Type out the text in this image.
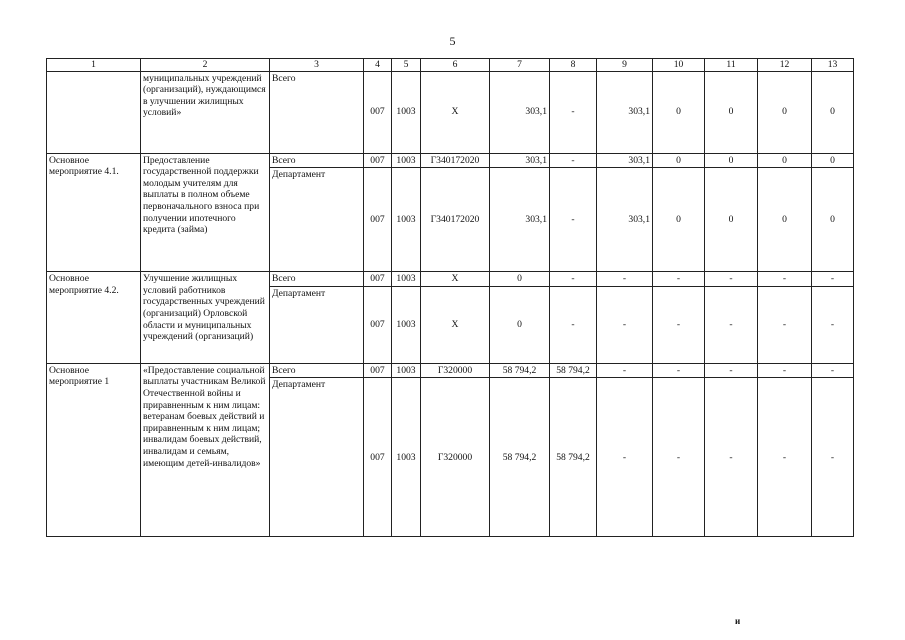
5
1	2	3	4	5	6	7	8	9	10	11	12	13
	муниципальных учреждений (организаций), нуждающимся в улучшении жилищных условий»	Всего	007	1003	Х	303,1	-	303,1	0	0	0	0
Основное мероприятие 4.1.	Предоставление государственной поддержки молодым учителям для выплаты в полном объеме первоначального взноса при получении ипотечного кредита (займа)	Всего	007	1003	Г340172020	303,1	-	303,1	0	0	0	0
		Департамент	007	1003	Г340172020	303,1	-	303,1	0	0	0	0
Основное мероприятие 4.2.	Улучшение жилищных условий работников государственных учреждений (организаций) Орловской области и муниципальных учреждений (организаций)	Всего	007	1003	Х	0	-	-	-	-	-	-
		Департамент	007	1003	Х	0	-	-	-	-	-	-
Основное мероприятие 1	«Предоставление социальной выплаты участникам Великой Отечественной войны и приравненным к ним лицам: ветеранам боевых действий и приравненным к ним лицам; инвалидам боевых действий, инвалидам и семьям, имеющим детей-инвалидов»	Всего	007	1003	Г320000	58 794,2	58 794,2	-	-	-	-	-
		Департамент	007	1003	Г320000	58 794,2	58 794,2	-	-	-	-	-
ᴎ
